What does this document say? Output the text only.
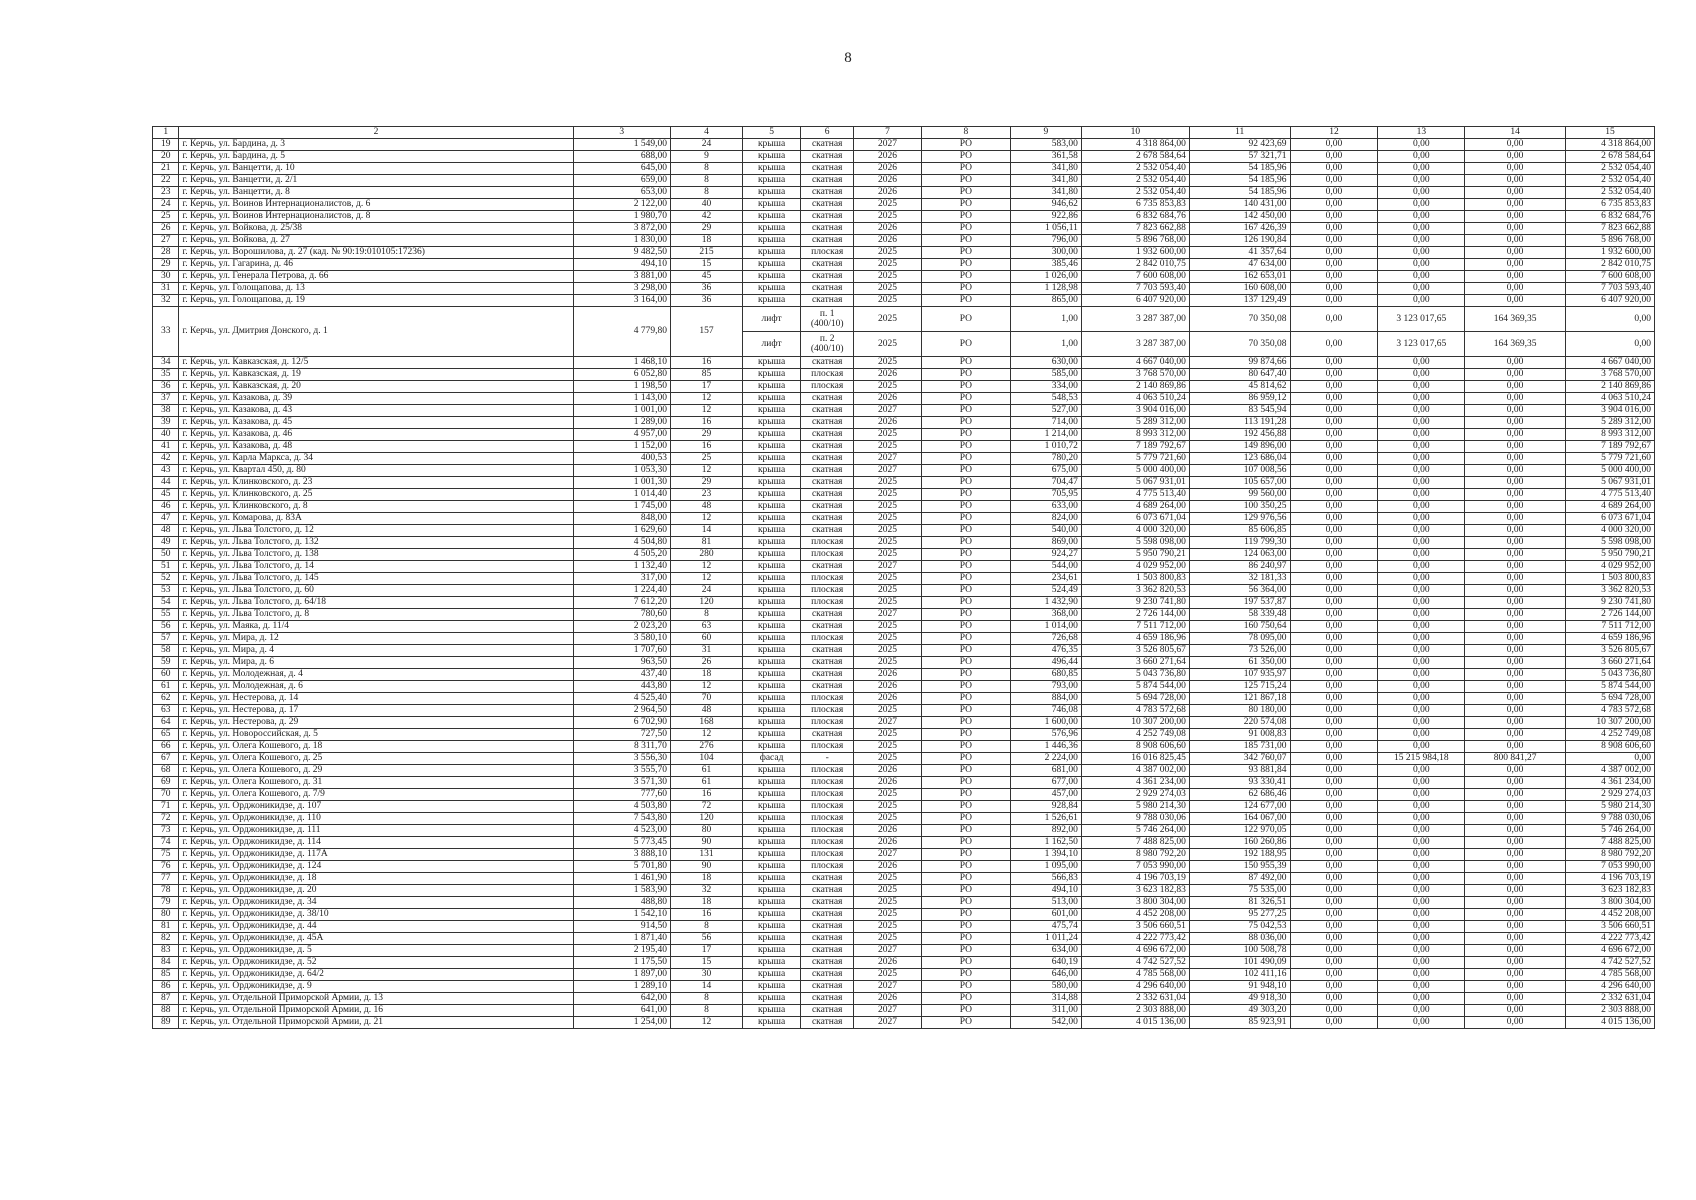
8
1	2	3	4	5	6	7	8	9	10	11	12	13	14	15
19	г. Керчь, ул. Бардина, д. 3	1 549,00	24	крыша	скатная	2027	РО	583,00	4 318 864,00	92 423,69	0,00	0,00	0,00	4 318 864,00
20	г. Керчь, ул. Бардина, д. 5	688,00	9	крыша	скатная	2026	РО	361,58	2 678 584,64	57 321,71	0,00	0,00	0,00	2 678 584,64
21	г. Керчь, ул. Ванцетти, д. 10	645,00	8	крыша	скатная	2026	РО	341,80	2 532 054,40	54 185,96	0,00	0,00	0,00	2 532 054,40
22	г. Керчь, ул. Ванцетти, д. 2/1	659,00	8	крыша	скатная	2026	РО	341,80	2 532 054,40	54 185,96	0,00	0,00	0,00	2 532 054,40
23	г. Керчь, ул. Ванцетти, д. 8	653,00	8	крыша	скатная	2026	РО	341,80	2 532 054,40	54 185,96	0,00	0,00	0,00	2 532 054,40
24	г. Керчь, ул. Воинов Интернационалистов, д. 6	2 122,00	40	крыша	скатная	2025	РО	946,62	6 735 853,83	140 431,00	0,00	0,00	0,00	6 735 853,83
25	г. Керчь, ул. Воинов Интернационалистов, д. 8	1 980,70	42	крыша	скатная	2025	РО	922,86	6 832 684,76	142 450,00	0,00	0,00	0,00	6 832 684,76
26	г. Керчь, ул. Войкова, д. 25/38	3 872,00	29	крыша	скатная	2026	РО	1 056,11	7 823 662,88	167 426,39	0,00	0,00	0,00	7 823 662,88
27	г. Керчь, ул. Войкова, д. 27	1 830,00	18	крыша	скатная	2026	РО	796,00	5 896 768,00	126 190,84	0,00	0,00	0,00	5 896 768,00
28	г. Керчь, ул. Ворошилова, д. 27 (кад. № 90:19:010105:17236)	9 482,50	215	крыша	плоская	2025	РО	300,00	1 932 600,00	41 357,64	0,00	0,00	0,00	1 932 600,00
29	г. Керчь, ул. Гагарина, д. 46	494,10	15	крыша	скатная	2025	РО	385,46	2 842 010,75	47 634,00	0,00	0,00	0,00	2 842 010,75
30	г. Керчь, ул. Генерала Петрова, д. 66	3 881,00	45	крыша	скатная	2025	РО	1 026,00	7 600 608,00	162 653,01	0,00	0,00	0,00	7 600 608,00
31	г. Керчь, ул. Голощапова, д. 13	3 298,00	36	крыша	скатная	2025	РО	1 128,98	7 703 593,40	160 608,00	0,00	0,00	0,00	7 703 593,40
32	г. Керчь, ул. Голощапова, д. 19	3 164,00	36	крыша	скатная	2025	РО	865,00	6 407 920,00	137 129,49	0,00	0,00	0,00	6 407 920,00
33	г. Керчь, ул. Дмитрия Донского, д. 1	4 779,80	157	лифт	п. 1 (400/10)	2025	РО	1,00	3 287 387,00	70 350,08	0,00	3 123 017,65	164 369,35	0,00
				лифт	п. 2 (400/10)	2025	РО	1,00	3 287 387,00	70 350,08	0,00	3 123 017,65	164 369,35	0,00
34	г. Керчь, ул. Кавказская, д. 12/5	1 468,10	16	крыша	скатная	2025	РО	630,00	4 667 040,00	99 874,66	0,00	0,00	0,00	4 667 040,00
35	г. Керчь, ул. Кавказская, д. 19	6 052,80	85	крыша	плоская	2026	РО	585,00	3 768 570,00	80 647,40	0,00	0,00	0,00	3 768 570,00
36	г. Керчь, ул. Кавказская, д. 20	1 198,50	17	крыша	плоская	2025	РО	334,00	2 140 869,86	45 814,62	0,00	0,00	0,00	2 140 869,86
37	г. Керчь, ул. Казакова, д. 39	1 143,00	12	крыша	скатная	2026	РО	548,53	4 063 510,24	86 959,12	0,00	0,00	0,00	4 063 510,24
38	г. Керчь, ул. Казакова, д. 43	1 001,00	12	крыша	скатная	2027	РО	527,00	3 904 016,00	83 545,94	0,00	0,00	0,00	3 904 016,00
39	г. Керчь, ул. Казакова, д. 45	1 289,00	16	крыша	скатная	2026	РО	714,00	5 289 312,00	113 191,28	0,00	0,00	0,00	5 289 312,00
40	г. Керчь, ул. Казакова, д. 46	4 957,00	29	крыша	скатная	2025	РО	1 214,00	8 993 312,00	192 456,88	0,00	0,00	0,00	8 993 312,00
41	г. Керчь, ул. Казакова, д. 48	1 152,00	16	крыша	скатная	2025	РО	1 010,72	7 189 792,67	149 896,00	0,00	0,00	0,00	7 189 792,67
42	г. Керчь, ул. Карла Маркса, д. 34	400,53	25	крыша	скатная	2027	РО	780,20	5 779 721,60	123 686,04	0,00	0,00	0,00	5 779 721,60
43	г. Керчь, ул. Квартал 450, д. 80	1 053,30	12	крыша	скатная	2027	РО	675,00	5 000 400,00	107 008,56	0,00	0,00	0,00	5 000 400,00
44	г. Керчь, ул. Клинковского, д. 23	1 001,30	29	крыша	скатная	2025	РО	704,47	5 067 931,01	105 657,00	0,00	0,00	0,00	5 067 931,01
45	г. Керчь, ул. Клинковского, д. 25	1 014,40	23	крыша	скатная	2025	РО	705,95	4 775 513,40	99 560,00	0,00	0,00	0,00	4 775 513,40
46	г. Керчь, ул. Клинковского, д. 8	1 745,00	48	крыша	скатная	2025	РО	633,00	4 689 264,00	100 350,25	0,00	0,00	0,00	4 689 264,00
47	г. Керчь, ул. Комарова, д. 83А	848,00	12	крыша	скатная	2025	РО	824,00	6 073 671,04	129 976,56	0,00	0,00	0,00	6 073 671,04
48	г. Керчь, ул. Льва Толстого, д. 12	1 629,60	14	крыша	скатная	2025	РО	540,00	4 000 320,00	85 606,85	0,00	0,00	0,00	4 000 320,00
49	г. Керчь, ул. Льва Толстого, д. 132	4 504,80	81	крыша	плоская	2025	РО	869,00	5 598 098,00	119 799,30	0,00	0,00	0,00	5 598 098,00
50	г. Керчь, ул. Льва Толстого, д. 138	4 505,20	280	крыша	плоская	2025	РО	924,27	5 950 790,21	124 063,00	0,00	0,00	0,00	5 950 790,21
51	г. Керчь, ул. Льва Толстого, д. 14	1 132,40	12	крыша	скатная	2027	РО	544,00	4 029 952,00	86 240,97	0,00	0,00	0,00	4 029 952,00
52	г. Керчь, ул. Льва Толстого, д. 145	317,00	12	крыша	плоская	2025	РО	234,61	1 503 800,83	32 181,33	0,00	0,00	0,00	1 503 800,83
53	г. Керчь, ул. Льва Толстого, д. 60	1 224,40	24	крыша	плоская	2025	РО	524,49	3 362 820,53	56 364,00	0,00	0,00	0,00	3 362 820,53
54	г. Керчь, ул. Льва Толстого, д. 64/18	7 612,20	120	крыша	плоская	2025	РО	1 432,90	9 230 741,80	197 537,87	0,00	0,00	0,00	9 230 741,80
55	г. Керчь, ул. Льва Толстого, д. 8	780,60	8	крыша	скатная	2027	РО	368,00	2 726 144,00	58 339,48	0,00	0,00	0,00	2 726 144,00
56	г. Керчь, ул. Маяка, д. 11/4	2 023,20	63	крыша	скатная	2025	РО	1 014,00	7 511 712,00	160 750,64	0,00	0,00	0,00	7 511 712,00
57	г. Керчь, ул. Мира, д. 12	3 580,10	60	крыша	плоская	2025	РО	726,68	4 659 186,96	78 095,00	0,00	0,00	0,00	4 659 186,96
58	г. Керчь, ул. Мира, д. 4	1 707,60	31	крыша	скатная	2025	РО	476,35	3 526 805,67	73 526,00	0,00	0,00	0,00	3 526 805,67
59	г. Керчь, ул. Мира, д. 6	963,50	26	крыша	скатная	2025	РО	496,44	3 660 271,64	61 350,00	0,00	0,00	0,00	3 660 271,64
60	г. Керчь, ул. Молодежная, д. 4	437,40	18	крыша	скатная	2026	РО	680,85	5 043 736,80	107 935,97	0,00	0,00	0,00	5 043 736,80
61	г. Керчь, ул. Молодежная, д. 6	443,80	12	крыша	скатная	2026	РО	793,00	5 874 544,00	125 715,24	0,00	0,00	0,00	5 874 544,00
62	г. Керчь, ул. Нестерова, д. 14	4 525,40	70	крыша	плоская	2026	РО	884,00	5 694 728,00	121 867,18	0,00	0,00	0,00	5 694 728,00
63	г. Керчь, ул. Нестерова, д. 17	2 964,50	48	крыша	плоская	2025	РО	746,08	4 783 572,68	80 180,00	0,00	0,00	0,00	4 783 572,68
64	г. Керчь, ул. Нестерова, д. 29	6 702,90	168	крыша	плоская	2027	РО	1 600,00	10 307 200,00	220 574,08	0,00	0,00	0,00	10 307 200,00
65	г. Керчь, ул. Новороссийская, д. 5	727,50	12	крыша	скатная	2025	РО	576,96	4 252 749,08	91 008,83	0,00	0,00	0,00	4 252 749,08
66	г. Керчь, ул. Олега Кошевого, д. 18	8 311,70	276	крыша	плоская	2025	РО	1 446,36	8 908 606,60	185 731,00	0,00	0,00	0,00	8 908 606,60
67	г. Керчь, ул. Олега Кошевого, д. 25	3 556,30	104	фасад	-	2025	РО	2 224,00	16 016 825,45	342 760,07	0,00	15 215 984,18	800 841,27	0,00
68	г. Керчь, ул. Олега Кошевого, д. 29	3 555,70	61	крыша	плоская	2026	РО	681,00	4 387 002,00	93 881,84	0,00	0,00	0,00	4 387 002,00
69	г. Керчь, ул. Олега Кошевого, д. 31	3 571,30	61	крыша	плоская	2026	РО	677,00	4 361 234,00	93 330,41	0,00	0,00	0,00	4 361 234,00
70	г. Керчь, ул. Олега Кошевого, д. 7/9	777,60	16	крыша	плоская	2025	РО	457,00	2 929 274,03	62 686,46	0,00	0,00	0,00	2 929 274,03
71	г. Керчь, ул. Орджоникидзе, д. 107	4 503,80	72	крыша	плоская	2025	РО	928,84	5 980 214,30	124 677,00	0,00	0,00	0,00	5 980 214,30
72	г. Керчь, ул. Орджоникидзе, д. 110	7 543,80	120	крыша	плоская	2025	РО	1 526,61	9 788 030,06	164 067,00	0,00	0,00	0,00	9 788 030,06
73	г. Керчь, ул. Орджоникидзе, д. 111	4 523,00	80	крыша	плоская	2026	РО	892,00	5 746 264,00	122 970,05	0,00	0,00	0,00	5 746 264,00
74	г. Керчь, ул. Орджоникидзе, д. 114	5 773,45	90	крыша	плоская	2026	РО	1 162,50	7 488 825,00	160 260,86	0,00	0,00	0,00	7 488 825,00
75	г. Керчь, ул. Орджоникидзе, д. 117А	3 888,10	131	крыша	плоская	2027	РО	1 394,10	8 980 792,20	192 188,95	0,00	0,00	0,00	8 980 792,20
76	г. Керчь, ул. Орджоникидзе, д. 124	5 701,80	90	крыша	плоская	2026	РО	1 095,00	7 053 990,00	150 955,39	0,00	0,00	0,00	7 053 990,00
77	г. Керчь, ул. Орджоникидзе, д. 18	1 461,90	18	крыша	скатная	2025	РО	566,83	4 196 703,19	87 492,00	0,00	0,00	0,00	4 196 703,19
78	г. Керчь, ул. Орджоникидзе, д. 20	1 583,90	32	крыша	скатная	2025	РО	494,10	3 623 182,83	75 535,00	0,00	0,00	0,00	3 623 182,83
79	г. Керчь, ул. Орджоникидзе, д. 34	488,80	18	крыша	скатная	2025	РО	513,00	3 800 304,00	81 326,51	0,00	0,00	0,00	3 800 304,00
80	г. Керчь, ул. Орджоникидзе, д. 38/10	1 542,10	16	крыша	скатная	2025	РО	601,00	4 452 208,00	95 277,25	0,00	0,00	0,00	4 452 208,00
81	г. Керчь, ул. Орджоникидзе, д. 44	914,50	8	крыша	скатная	2025	РО	475,74	3 506 660,51	75 042,53	0,00	0,00	0,00	3 506 660,51
82	г. Керчь, ул. Орджоникидзе, д. 45А	1 871,40	56	крыша	скатная	2025	РО	1 011,24	4 222 773,42	88 036,00	0,00	0,00	0,00	4 222 773,42
83	г. Керчь, ул. Орджоникидзе, д. 5	2 195,40	17	крыша	скатная	2027	РО	634,00	4 696 672,00	100 508,78	0,00	0,00	0,00	4 696 672,00
84	г. Керчь, ул. Орджоникидзе, д. 52	1 175,50	15	крыша	скатная	2026	РО	640,19	4 742 527,52	101 490,09	0,00	0,00	0,00	4 742 527,52
85	г. Керчь, ул. Орджоникидзе, д. 64/2	1 897,00	30	крыша	скатная	2025	РО	646,00	4 785 568,00	102 411,16	0,00	0,00	0,00	4 785 568,00
86	г. Керчь, ул. Орджоникидзе, д. 9	1 289,10	14	крыша	скатная	2027	РО	580,00	4 296 640,00	91 948,10	0,00	0,00	0,00	4 296 640,00
87	г. Керчь, ул. Отдельной Приморской Армии, д. 13	642,00	8	крыша	скатная	2026	РО	314,88	2 332 631,04	49 918,30	0,00	0,00	0,00	2 332 631,04
88	г. Керчь, ул. Отдельной Приморской Армии, д. 16	641,00	8	крыша	скатная	2027	РО	311,00	2 303 888,00	49 303,20	0,00	0,00	0,00	2 303 888,00
89	г. Керчь, ул. Отдельной Приморской Армии, д. 21	1 254,00	12	крыша	скатная	2027	РО	542,00	4 015 136,00	85 923,91	0,00	0,00	0,00	4 015 136,00
